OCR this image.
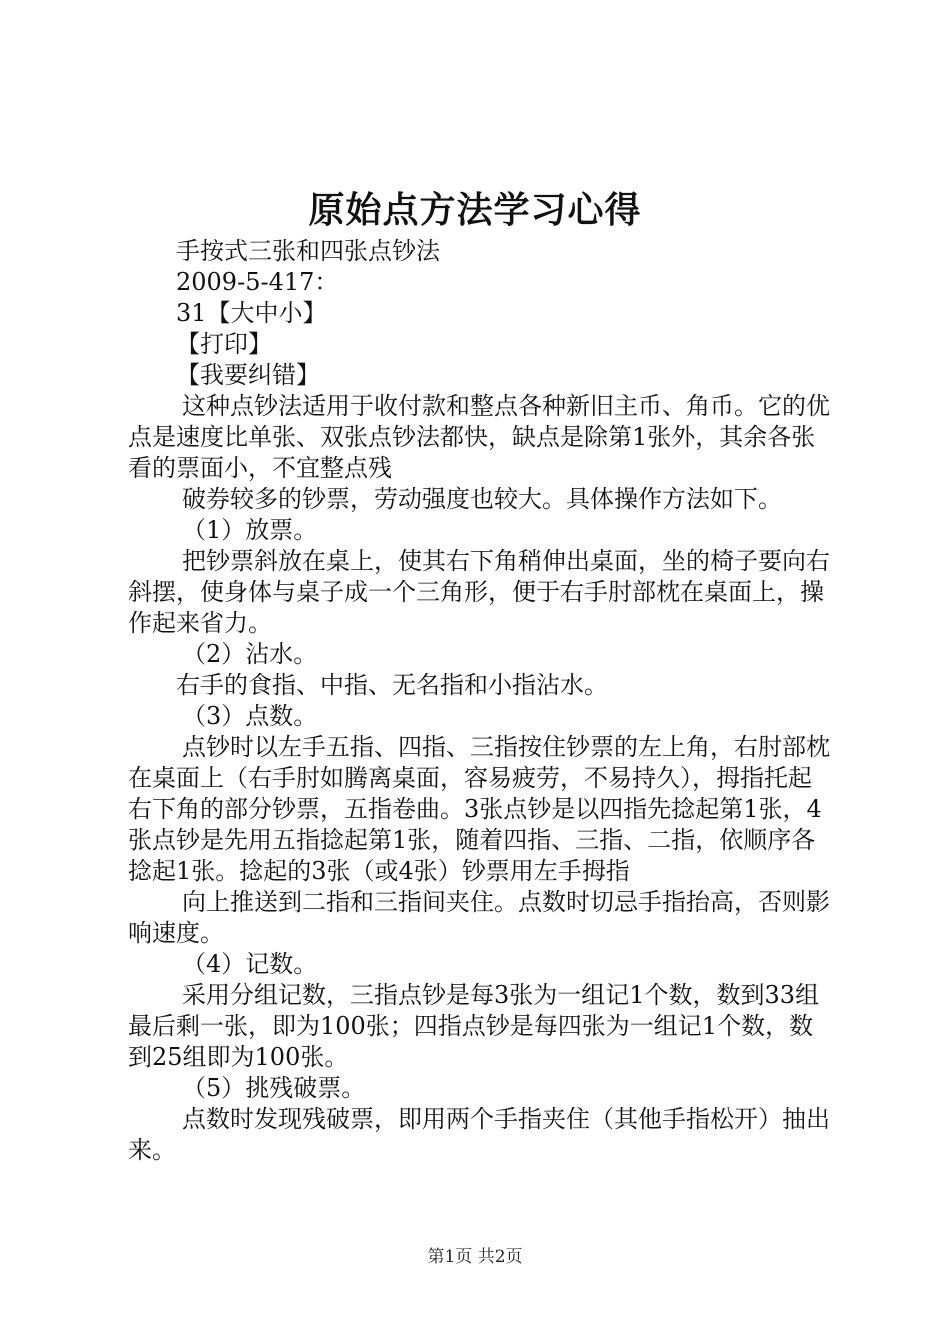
原始点方法学习心得

手按式三张和四张点钞法

2009-5-417：

31【大中小】

【打印】

【我要纠错】

这种点钞法适用于收付款和整点各种新旧主币、角币。它的优点是速度比单张、双张点钞法都快，缺点是除第1张外，其余各张看的票面小，不宜整点残

破券较多的钞票，劳动强度也较大。具体操作方法如下。

（1）放票。

把钞票斜放在桌上，使其右下角稍伸出桌面，坐的椅子要向右斜摆，使身体与桌子成一个三角形，便于右手肘部枕在桌面上，操作起来省力。

（2）沾水。

右手的食指、中指、无名指和小指沾水。

（3）点数。

点钞时以左手五指、四指、三指按住钞票的左上角，右肘部枕在桌面上（右手肘如腾离桌面，容易疲劳，不易持久），拇指托起右下角的部分钞票，五指卷曲。3张点钞是以四指先捻起第1张，4张点钞是先用五指捻起第1张，随着四指、三指、二指，依顺序各捻起1张。捻起的3张（或4张）钞票用左手拇指

向上推送到二指和三指间夹住。点数时切忌手指抬高，否则影响速度。

（4）记数。

采用分组记数，三指点钞是每3张为一组记1个数，数到33组最后剩一张，即为100张；四指点钞是每四张为一组记1个数，数到25组即为100张。

（5）挑残破票。

点数时发现残破票，即用两个手指夹住（其他手指松开）抽出来。

第1页 共2页
